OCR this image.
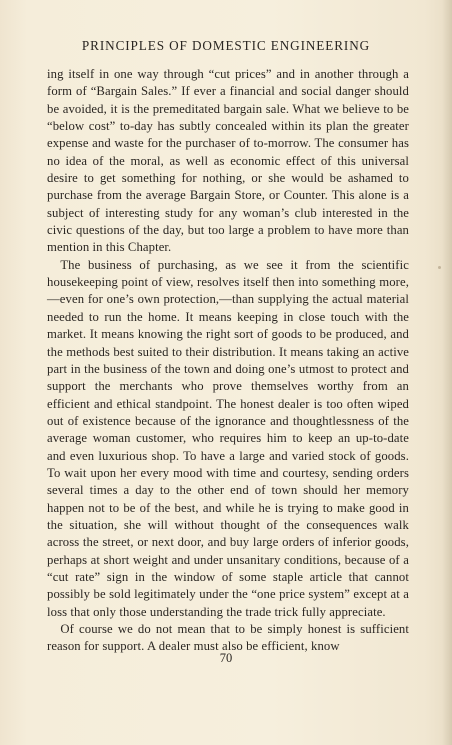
PRINCIPLES OF DOMESTIC ENGINEERING

ing itself in one way through “cut prices” and in another through a form of “Bargain Sales.” If ever a financial and social danger should be avoided, it is the premeditated bargain sale. What we believe to be “below cost” to-day has subtly concealed within its plan the greater expense and waste for the purchaser of to-morrow. The consumer has no idea of the moral, as well as economic effect of this universal desire to get something for nothing, or she would be ashamed to purchase from the average Bargain Store, or Counter. This alone is a subject of interesting study for any woman’s club interested in the civic questions of the day, but too large a problem to have more than mention in this Chapter.

The business of purchasing, as we see it from the scientific housekeeping point of view, resolves itself then into something more,—even for one’s own protection,—than supplying the actual material needed to run the home. It means keeping in close touch with the market. It means knowing the right sort of goods to be produced, and the methods best suited to their distribution. It means taking an active part in the business of the town and doing one’s utmost to protect and support the merchants who prove themselves worthy from an efficient and ethical standpoint. The honest dealer is too often wiped out of existence because of the ignorance and thoughtlessness of the average woman customer, who requires him to keep an up-to-date and even luxurious shop. To have a large and varied stock of goods. To wait upon her every mood with time and courtesy, sending orders several times a day to the other end of town should her memory happen not to be of the best, and while he is trying to make good in the situation, she will without thought of the consequences walk across the street, or next door, and buy large orders of inferior goods, perhaps at short weight and under unsanitary conditions, because of a “cut rate” sign in the window of some staple article that cannot possibly be sold legitimately under the “one price system” except at a loss that only those understanding the trade trick fully appreciate.

Of course we do not mean that to be simply honest is sufficient reason for support. A dealer must also be efficient, know

70
